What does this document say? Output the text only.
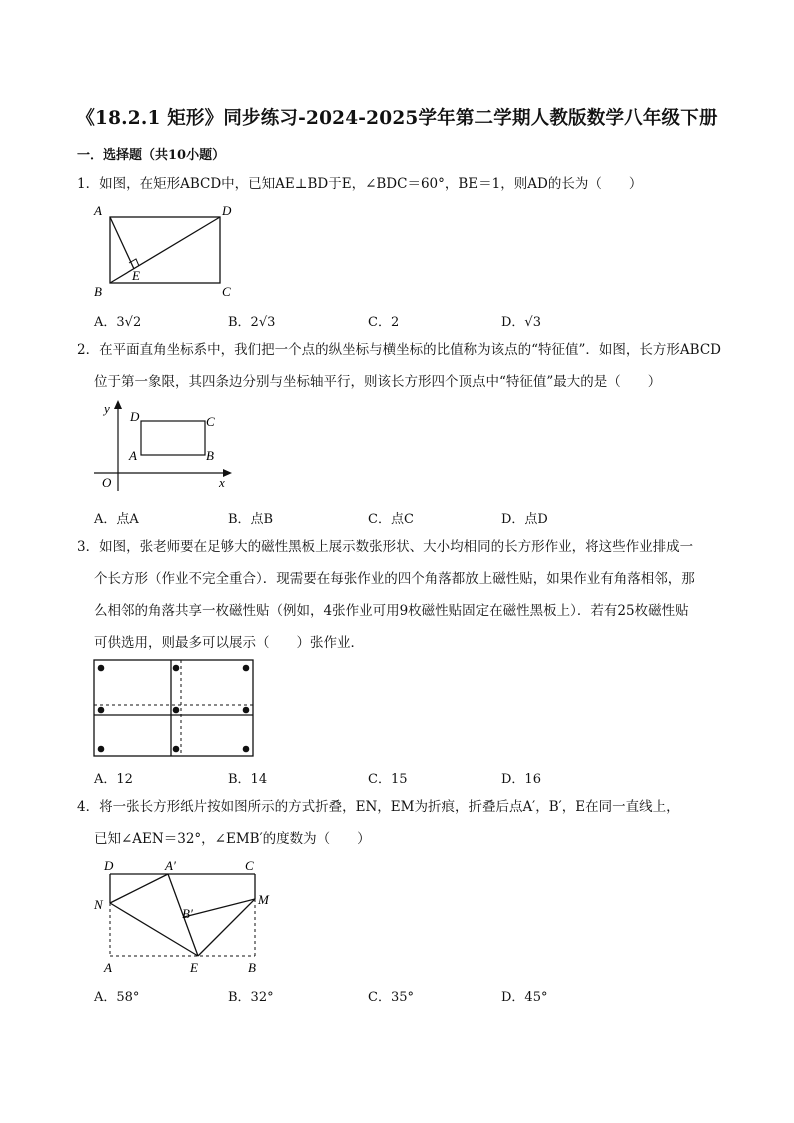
《18.2.1 矩形》同步练习-2024-2025学年第二学期人教版数学八年级下册
一．选择题（共10小题）
1．如图，在矩形ABCD中，已知AE⊥BD于E，∠BDC＝60°，BE＝1，则AD的长为（　　）
A	D
B	C
E
A．3√2	B．2√3	C．2	D．√3
2．在平面直角坐标系中，我们把一个点的纵坐标与横坐标的比值称为该点的“特征值”．如图，长方形ABCD
位于第一象限，其四条边分别与坐标轴平行，则该长方形四个顶点中“特征值”最大的是（　　）
y
x
O
A	B
C
D
A．点A	B．点B	C．点C	D．点D
3．如图，张老师要在足够大的磁性黑板上展示数张形状、大小均相同的长方形作业，将这些作业排成一
个长方形（作业不完全重合）．现需要在每张作业的四个角落都放上磁性贴，如果作业有角落相邻，那
么相邻的角落共享一枚磁性贴（例如，4张作业可用9枚磁性贴固定在磁性黑板上）．若有25枚磁性贴
可供选用，则最多可以展示（　　）张作业．
A．12	B．14	C．15	D．16
4．将一张长方形纸片按如图所示的方式折叠，EN，EM为折痕，折叠后点A′，B′，E在同一直线上，
已知∠AEN＝32°，∠EMB′的度数为（　　）
D	A′	C
N
B′
M
A	E	B
A．58°	B．32°	C．35°	D．45°
